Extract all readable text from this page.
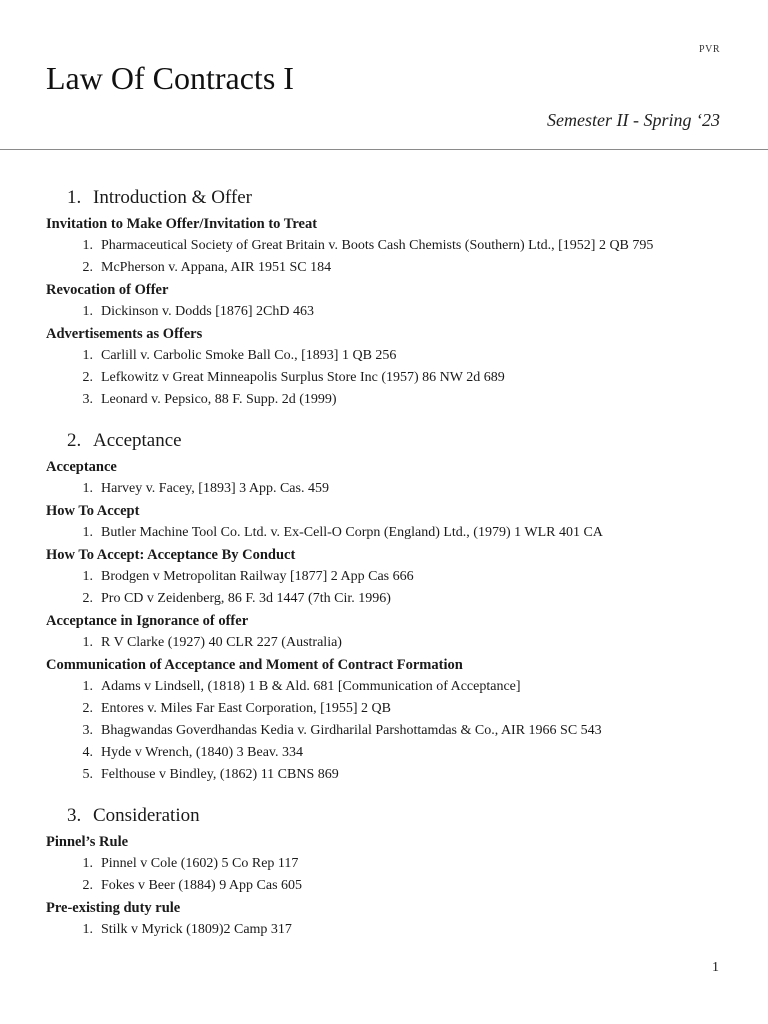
PVR
Law Of Contracts I
Semester II - Spring ‘23
1. Introduction & Offer
Invitation to Make Offer/Invitation to Treat
1. Pharmaceutical Society of Great Britain v. Boots Cash Chemists (Southern) Ltd., [1952] 2 QB 795
2. McPherson v. Appana, AIR 1951 SC 184
Revocation of Offer
1. Dickinson v. Dodds [1876] 2ChD 463
Advertisements as Offers
1. Carlill v. Carbolic Smoke Ball Co., [1893] 1 QB 256
2. Lefkowitz v Great Minneapolis Surplus Store Inc (1957) 86 NW 2d 689
3. Leonard v. Pepsico, 88 F. Supp. 2d (1999)
2. Acceptance
Acceptance
1. Harvey v. Facey, [1893] 3 App. Cas. 459
How To Accept
1. Butler Machine Tool Co. Ltd. v. Ex-Cell-O Corpn (England) Ltd., (1979) 1 WLR 401 CA
How To Accept: Acceptance By Conduct
1. Brodgen v Metropolitan Railway [1877] 2 App Cas 666
2. Pro CD v Zeidenberg, 86 F. 3d 1447 (7th Cir. 1996)
Acceptance in Ignorance of offer
1. R V Clarke (1927) 40 CLR 227 (Australia)
Communication of Acceptance and Moment of Contract Formation
1. Adams v Lindsell, (1818) 1 B & Ald. 681 [Communication of Acceptance]
2. Entores v. Miles Far East Corporation, [1955] 2 QB
3. Bhagwandas Goverdhandas Kedia v. Girdharilal Parshottamdas & Co., AIR 1966 SC 543
4. Hyde v Wrench, (1840) 3 Beav. 334
5. Felthouse v Bindley, (1862) 11 CBNS 869
3. Consideration
Pinnel’s Rule
1. Pinnel v Cole (1602) 5 Co Rep 117
2. Fokes v Beer (1884) 9 App Cas 605
Pre-existing duty rule
1. Stilk v Myrick (1809)2 Camp 317
1
